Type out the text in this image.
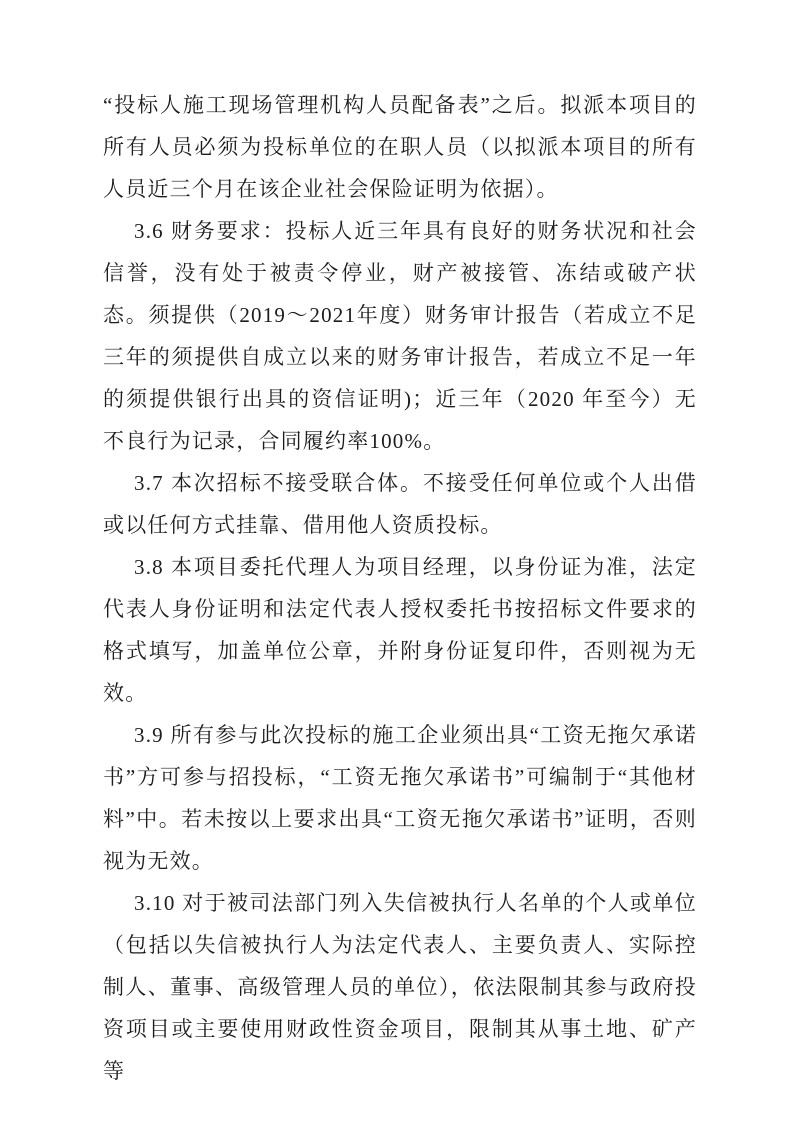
“投标人施工现场管理机构人员配备表”之后。拟派本项目的所有人员必须为投标单位的在职人员（以拟派本项目的所有人员近三个月在该企业社会保险证明为依据）。

3.6 财务要求：投标人近三年具有良好的财务状况和社会信誉，没有处于被责令停业，财产被接管、冻结或破产状态。须提供（2019～2021年度）财务审计报告（若成立不足三年的须提供自成立以来的财务审计报告，若成立不足一年的须提供银行出具的资信证明)；近三年（2020 年至今）无不良行为记录，合同履约率100%。

3.7 本次招标不接受联合体。不接受任何单位或个人出借或以任何方式挂靠、借用他人资质投标。

3.8 本项目委托代理人为项目经理，以身份证为准，法定代表人身份证明和法定代表人授权委托书按招标文件要求的格式填写，加盖单位公章，并附身份证复印件，否则视为无效。

3.9 所有参与此次投标的施工企业须出具“工资无拖欠承诺书”方可参与招投标，“工资无拖欠承诺书”可编制于“其他材料”中。若未按以上要求出具“工资无拖欠承诺书”证明，否则视为无效。

3.10 对于被司法部门列入失信被执行人名单的个人或单位（包括以失信被执行人为法定代表人、主要负责人、实际控制人、董事、高级管理人员的单位），依法限制其参与政府投资项目或主要使用财政性资金项目，限制其从事土地、矿产等
